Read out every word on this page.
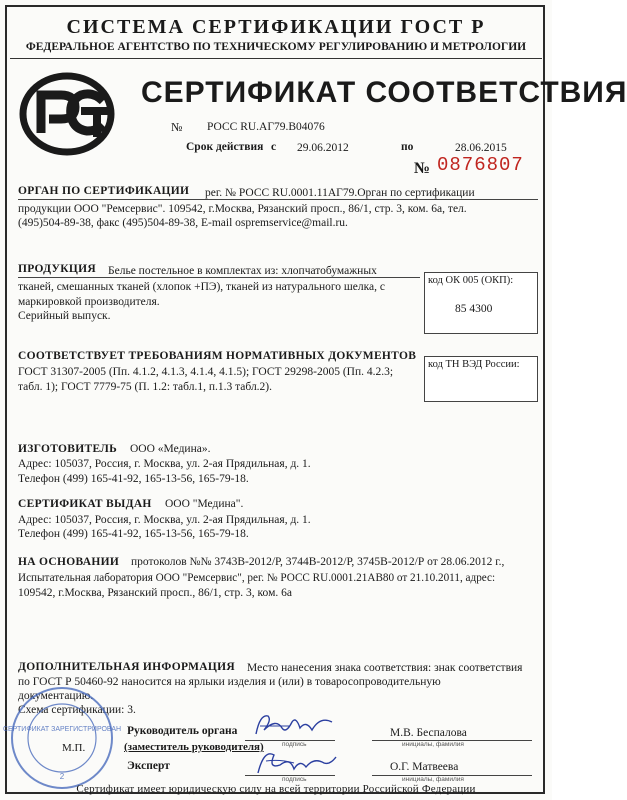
СИСТЕМА СЕРТИФИКАЦИИ ГОСТ Р
ФЕДЕРАЛЬНОЕ АГЕНТСТВО ПО ТЕХНИЧЕСКОМУ РЕГУЛИРОВАНИЮ И МЕТРОЛОГИИ
СЕРТИФИКАТ СООТВЕТСТВИЯ
№ РОСС RU.АГ79.В04076
Срок действия с 29.06.2012	по	28.06.2015
№ 0876807
ОРГАН ПО СЕРТИФИКАЦИИ рег. № РОСС RU.0001.11АГ79.Орган по сертификации
продукции ООО "Ремсервис". 109542, г.Москва, Рязанский просп., 86/1, стр. 3, ком. 6а, тел.
(495)504-89-38, факс (495)504-89-38, E-mail ospremservice@mail.ru.
ПРОДУКЦИЯ Белье постельное в комплектах из: хлопчатобумажных
тканей, смешанных тканей (хлопок +ПЭ), тканей из натурального шелка, с
маркировкой производителя.
Серийный выпуск.
код ОК 005 (ОКП):
85 4300
СООТВЕТСТВУЕТ ТРЕБОВАНИЯМ НОРМАТИВНЫХ ДОКУМЕНТОВ
ГОСТ 31307-2005 (Пп. 4.1.2, 4.1.3, 4.1.4, 4.1.5); ГОСТ 29298-2005 (Пп. 4.2.3;
табл. 1); ГОСТ 7779-75 (П. 1.2: табл.1, п.1.3 табл.2).
код ТН ВЭД России:
ИЗГОТОВИТЕЛЬ ООО «Медина».
Адрес: 105037, Россия, г. Москва, ул. 2-ая Прядильная, д. 1.
Телефон (499) 165-41-92, 165-13-56, 165-79-18.
СЕРТИФИКАТ ВЫДАН ООО "Медина".
Адрес: 105037, Россия, г. Москва, ул. 2-ая Прядильная, д. 1.
Телефон (499) 165-41-92, 165-13-56, 165-79-18.
НА ОСНОВАНИИ протоколов №№ 3743В-2012/Р, 3744В-2012/Р, 3745В-2012/Р от 28.06.2012 г.,
Испытательная лаборатория ООО "Ремсервис", рег. № РОСС RU.0001.21АВ80 от 21.10.2011, адрес:
109542, г.Москва, Рязанский просп., 86/1, стр. 3, ком. 6а
ДОПОЛНИТЕЛЬНАЯ ИНФОРМАЦИЯ Место нанесения знака соответствия: знак соответствия
по ГОСТ Р 50460-92 наносится на ярлыки изделия и (или) в товаросопроводительную
документацию.
Схема сертификации: 3.
Руководитель органа
(заместитель руководителя)
Эксперт
М.П.	подпись
подпись
М.В. Беспалова
инициалы, фамилия
О.Г. Матвеева
инициалы, фамилия
СЕРТИФИКАТ ЗАРЕГИСТРИРОВАН
2
Сертификат имеет юридическую силу на всей территории Российской Федерации
